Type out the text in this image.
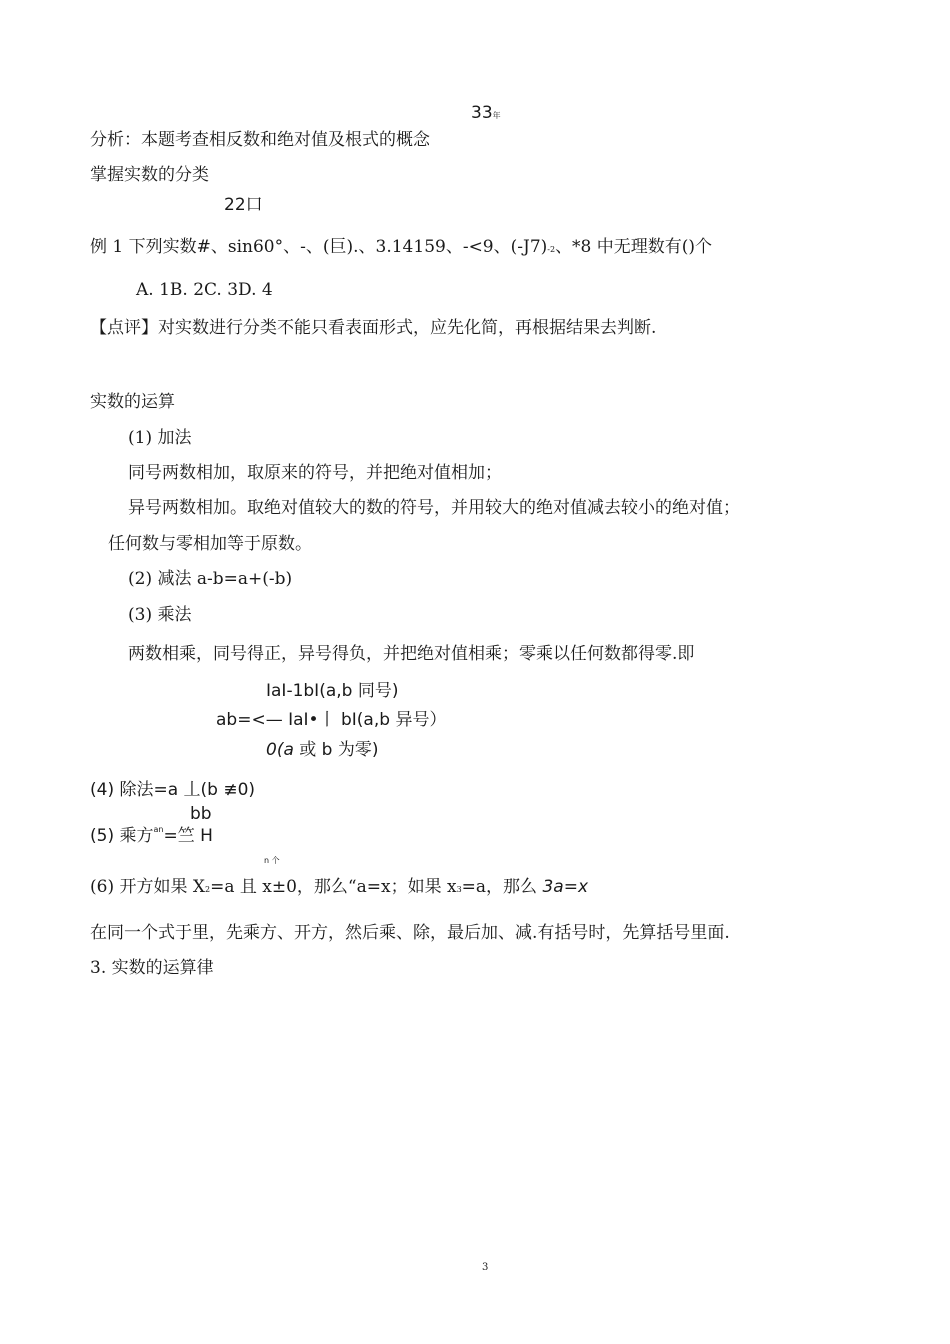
33年
分析：本题考查相反数和绝对值及根式的概念
掌握实数的分类
22口
例 1 下列实数#、sin60°、-、(巨).、3.14159、-<9、(-J7)-2、*8 中无理数有()个
A. 1B. 2C. 3D. 4
【点评】对实数进行分类不能只看表面形式，应先化简，再根据结果去判断.
实数的运算
(1) 加法
同号两数相加，取原来的符号，并把绝对值相加；
异号两数相加。取绝对值较大的数的符号，并用较大的绝对值减去较小的绝对值；
任何数与零相加等于原数。
(2) 减法 a-b=a+(-b)
(3) 乘法
两数相乘，同号得正，异号得负，并把绝对值相乘；零乘以任何数都得零.即
IaI-1bI(a,b 同号)
ab=<— IaI•丨 bI(a,b 异号）
0(a 或 b 为零)
(4) 除法=a 丄(b ≢0)
bb
(5) 乘方$^{an}$=竺 H
n 个
(6) 开方如果 X2=a 且 x±0，那么“a=x；如果 x3=a，那么 3a=x
在同一个式于里，先乘方、开方，然后乘、除，最后加、减.有括号时，先算括号里面.
3. 实数的运算律
3
